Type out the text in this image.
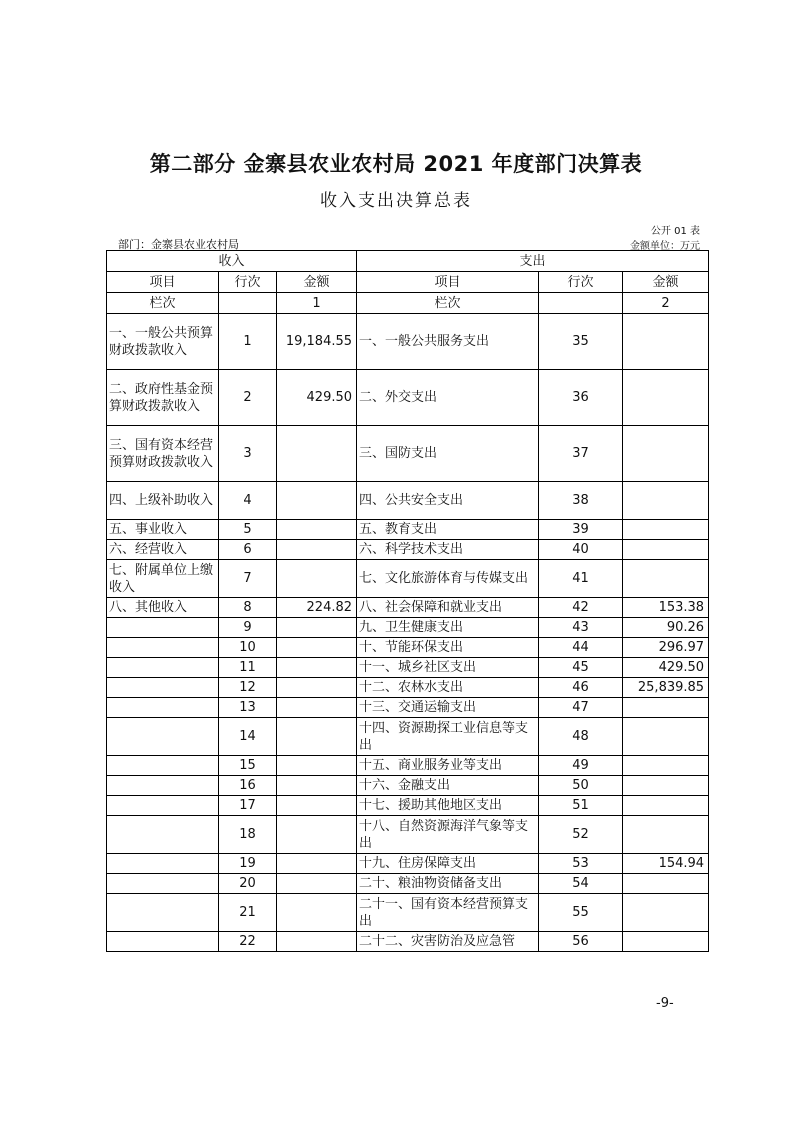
第二部分 金寨县农业农村局 2021 年度部门决算表
收入支出决算总表
公开 01 表
部门：金寨县农业农村局	金额单位：万元
收入			支出		
项目	行次	金额	项目	行次	金额
栏次		1	栏次		2
一、一般公共预算财政拨款收入	1	19,184.55	一、一般公共服务支出	35	
二、政府性基金预算财政拨款收入	2	429.50	二、外交支出	36	
三、国有资本经营预算财政拨款收入	3		三、国防支出	37	
四、上级补助收入	4		四、公共安全支出	38	
五、事业收入	5		五、教育支出	39	
六、经营收入	6		六、科学技术支出	40	
七、附属单位上缴收入	7		七、文化旅游体育与传媒支出	41	
八、其他收入	8	224.82	八、社会保障和就业支出	42	153.38
	9		九、卫生健康支出	43	90.26
	10		十、节能环保支出	44	296.97
	11		十一、城乡社区支出	45	429.50
	12		十二、农林水支出	46	25,839.85
	13		十三、交通运输支出	47	
	14		十四、资源勘探工业信息等支出	48	
	15		十五、商业服务业等支出	49	
	16		十六、金融支出	50	
	17		十七、援助其他地区支出	51	
	18		十八、自然资源海洋气象等支出	52	
	19		十九、住房保障支出	53	154.94
	20		二十、粮油物资储备支出	54	
	21		二十一、国有资本经营预算支出	55	
	22		二十二、灾害防治及应急管	56	
-9-
